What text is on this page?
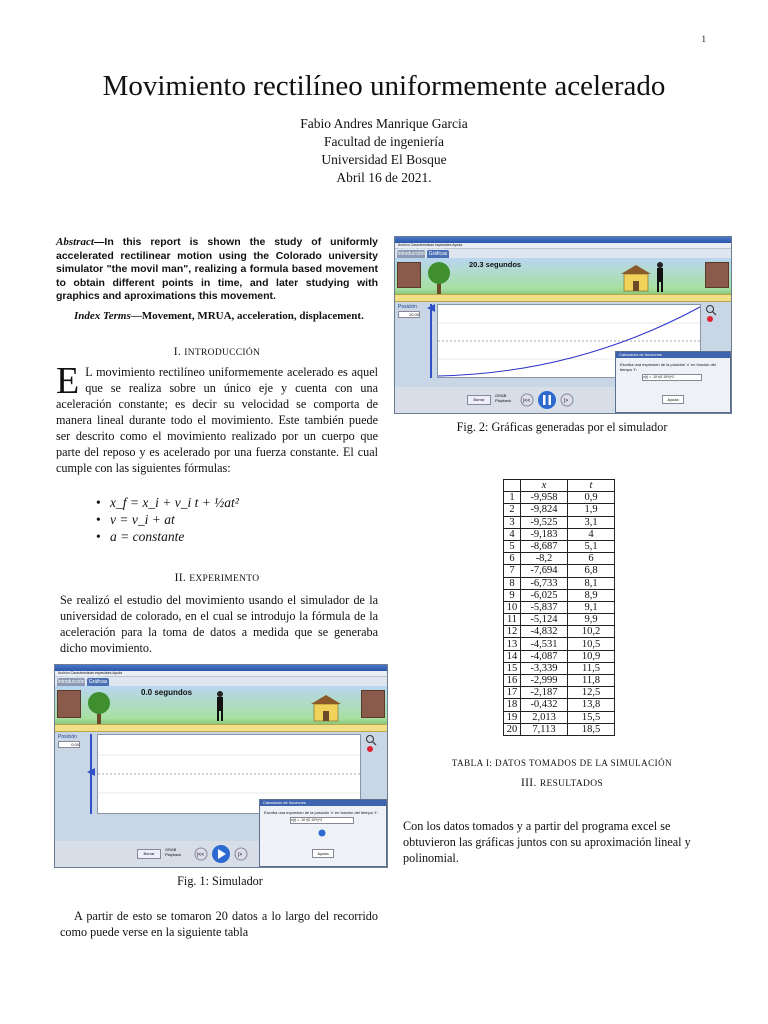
1
Movimiento rectilíneo uniformemente acelerado
Fabio Andres Manrique Garcia
Facultad de ingeniería
Universidad El Bosque
Abril 16 de 2021.
Abstract—In this report is shown the study of uniformly accelerated rectilinear motion using the Colorado university simulator "the movil man", realizing a formula based movement to obtain different points in time, and later studying with graphics and aproximations this movement.
Index Terms—Movement, MRUA, acceleration, displacement.
I. INTRODUCCIÓN
E L movimiento rectilíneo uniformemente acelerado es aquel que se realiza sobre un único eje y cuenta con una aceleración constante; es decir su velocidad se comporta de manera lineal durante todo el movimiento. Este también puede ser descrito como el movimiento realizado por un cuerpo que parte del reposo y es acelerado por una fuerza constante. El cual cumple con las siguientes fórmulas:
• x_f = x_i + v_i t + ½at²
• v = v_i + at
• a = constante
II. EXPERIMENTO
Se realizó el estudio del movimiento usando el simulador de la universidad de colorado, en el cual se introdujo la fórmula de la aceleración para la toma de datos a medida que se generaba dicho movimiento.
$^{Archivo Características especiales Ayuda}$
Introducción Gráficas
0.0 segundos
Posición
0.00
Borrar
GRAB
Playback	|<<	|>
Calculador de funciones
Escriba una expresión de la posición 'x' en función del tiempo 't':
x(t) = -10+(0.10*t)^2
Ayuda
Fig. 1: Simulador
A partir de esto se tomaron 20 datos a lo largo del recorrido como puede verse en la siguiente tabla
$^{Archivo Características especiales Ayuda}$
Introducción Gráficas
20.3 segundos
Posición
10.00
Borrar
GRAB
Playback |<<	|>
Calculador de funciones
Escriba una expresión de la posición 'x' en función del tiempo 't':
x(t) = -10+(0.10*t)^2
Ayuda
Fig. 2: Gráficas generadas por el simulador
	x	t
1	-9,958	0,9
2	-9,824	1,9
3	-9,525	3,1
4	-9,183	4
5	-8,687	5,1
6	-8,2	6
7	-7,694	6,8
8	-6,733	8,1
9	-6,025	8,9
10	-5,837	9,1
11	-5,124	9,9
12	-4,832	10,2
13	-4,531	10,5
14	-4,087	10,9
15	-3,339	11,5
16	-2,999	11,8
17	-2,187	12,5
18	-0,432	13,8
19	2,013	15,5
20	7,113	18,5
TABLA I: DATOS TOMADOS DE LA SIMULACIÓN
III. RESULTADOS
Con los datos tomados y a partir del programa excel se obtuvieron las gráficas juntos con su aproximación lineal y polinomial.
